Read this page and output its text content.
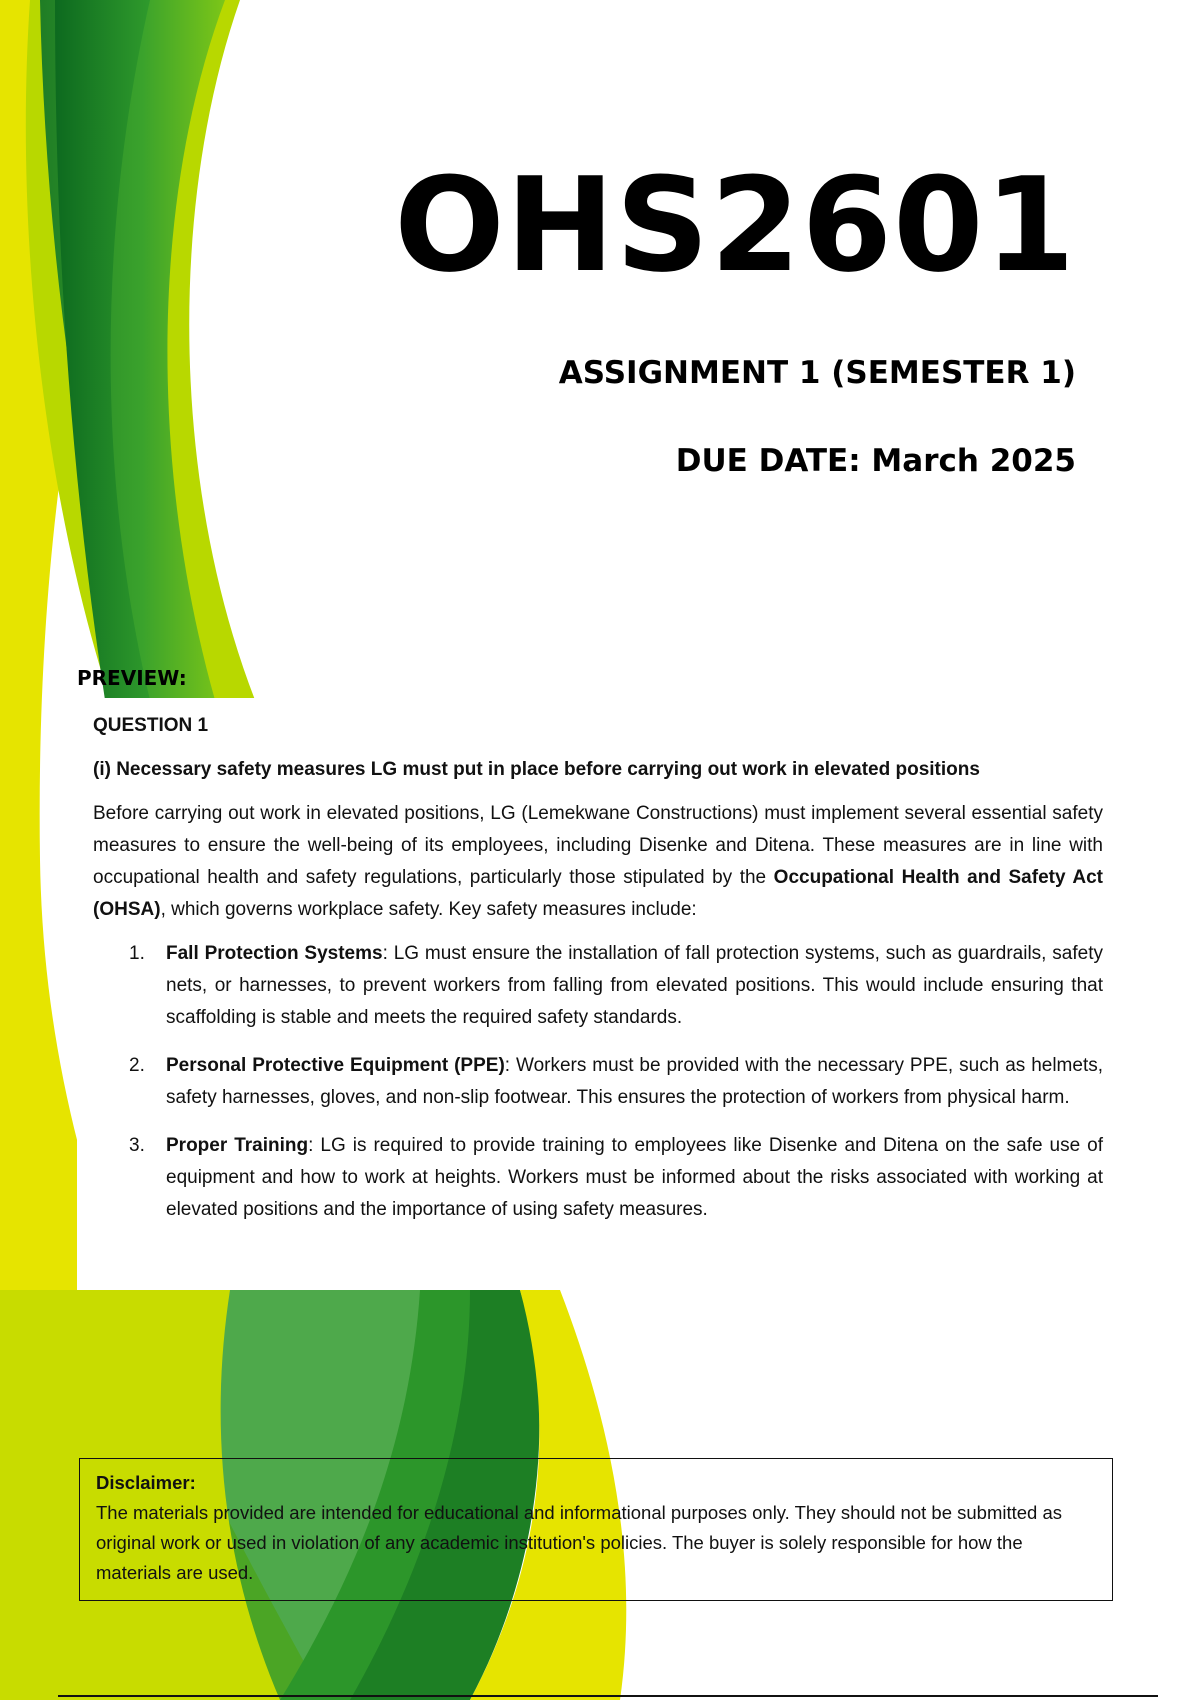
OHS2601
ASSIGNMENT 1 (SEMESTER 1)
DUE DATE: March 2025
PREVIEW:

QUESTION 1

(i) Necessary safety measures LG must put in place before carrying out work in elevated positions

Before carrying out work in elevated positions, LG (Lemekwane Constructions) must implement several essential safety measures to ensure the well-being of its employees, including Disenke and Ditena. These measures are in line with occupational health and safety regulations, particularly those stipulated by the Occupational Health and Safety Act (OHSA), which governs workplace safety. Key safety measures include:

1. Fall Protection Systems: LG must ensure the installation of fall protection systems, such as guardrails, safety nets, or harnesses, to prevent workers from falling from elevated positions. This would include ensuring that scaffolding is stable and meets the required safety standards.
2. Personal Protective Equipment (PPE): Workers must be provided with the necessary PPE, such as helmets, safety harnesses, gloves, and non-slip footwear. This ensures the protection of workers from physical harm.
3. Proper Training: LG is required to provide training to employees like Disenke and Ditena on the safe use of equipment and how to work at heights. Workers must be informed about the risks associated with working at elevated positions and the importance of using safety measures.

Disclaimer:

The materials provided are intended for educational and informational purposes only. They should not be submitted as original work or used in violation of any academic institution's policies. The buyer is solely responsible for how the materials are used.
